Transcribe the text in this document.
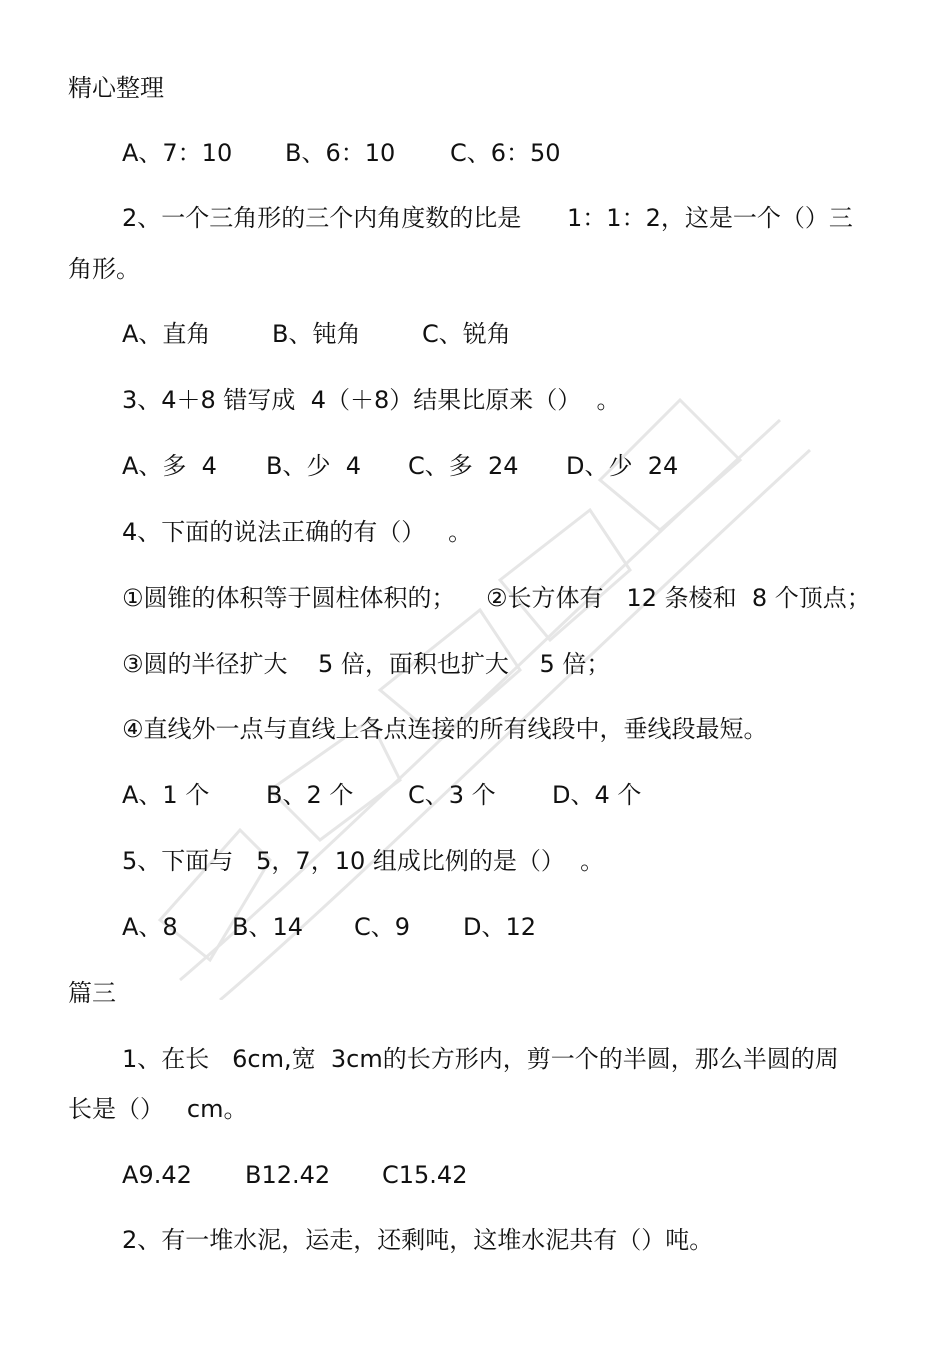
精心整理
A、7：10 B、6：10 C、6：50
2、一个三角形的三个内角度数的比是      1：1：2，这是一个（）三
角形。
A、直角	B、钝角	C、锐角
3、4＋8 错写成  4（＋8）结果比原来（）  。
A、多  4 B、少  4 C、多  24 D、少  24
4、下面的说法正确的有（）   。
①圆锥的体积等于圆柱体积的；    ②长方体有   12 条棱和  8 个顶点；
③圆的半径扩大    5 倍，面积也扩大    5 倍；
④直线外一点与直线上各点连接的所有线段中，垂线段最短。
A、1 个 B、2 个 C、3 个 D、4 个
5、下面与   5，7，10 组成比例的是（）  。
A、8 B、14 C、9 D、12
篇三
1、在长   6cm,宽  3cm的长方形内，剪一个的半圆，那么半圆的周
长是（）   cm。
A9.42 B12.42 C15.42
2、有一堆水泥，运走，还剩吨，这堆水泥共有（）吨。
